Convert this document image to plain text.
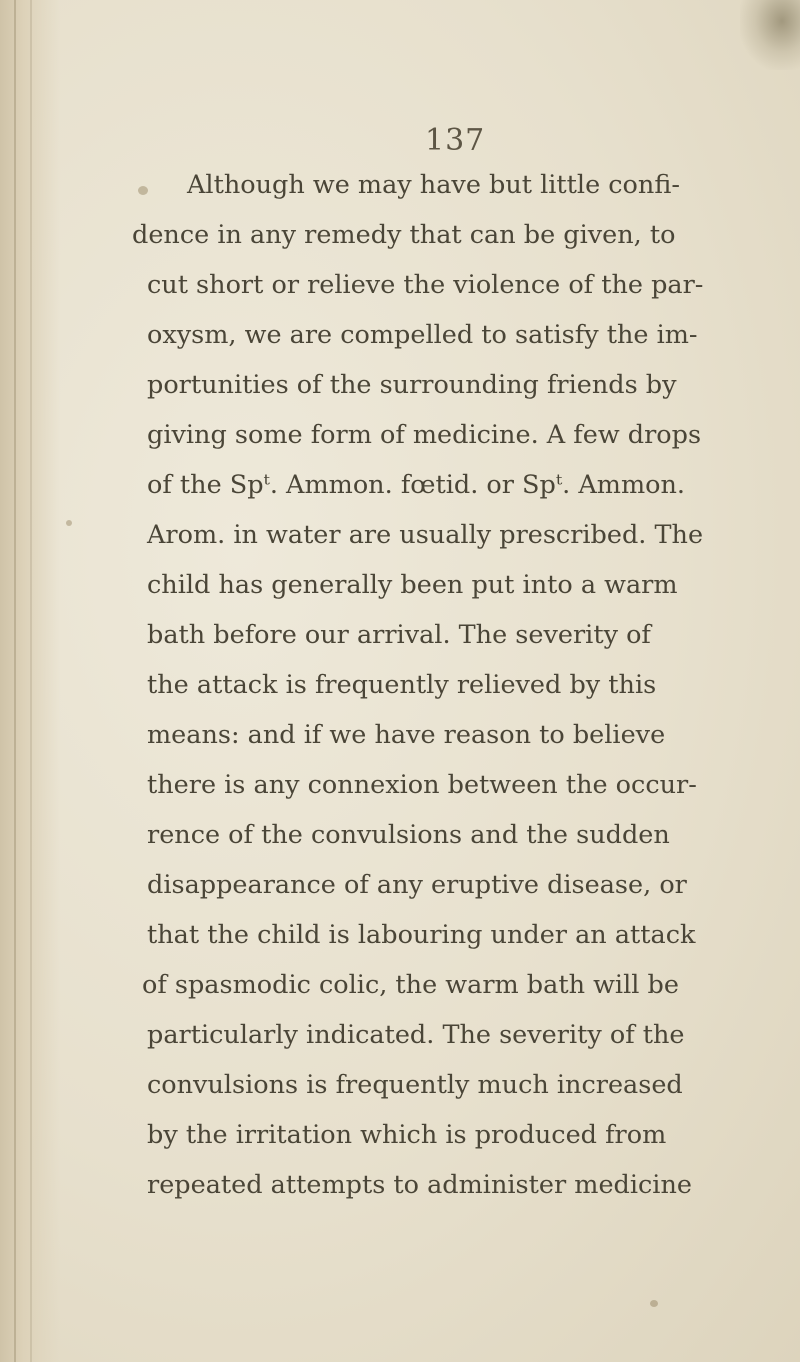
137
Although we may have but little confi-
dence in any remedy that can be given, to
cut short or relieve the violence of the par-
oxysm, we are compelled to satisfy the im-
portunities of the surrounding friends by
giving some form of medicine. A few drops
of the Spᵗ. Ammon. fœtid. or Spᵗ. Ammon.
Arom. in water are usually prescribed. The
child has generally been put into a warm
bath before our arrival. The severity of
the attack is frequently relieved by this
means: and if we have reason to believe
there is any connexion between the occur-
rence of the convulsions and the sudden
disappearance of any eruptive disease, or
that the child is labouring under an attack
of spasmodic colic, the warm bath will be
particularly indicated. The severity of the
convulsions is frequently much increased
by the irritation which is produced from
repeated attempts to administer medicine
